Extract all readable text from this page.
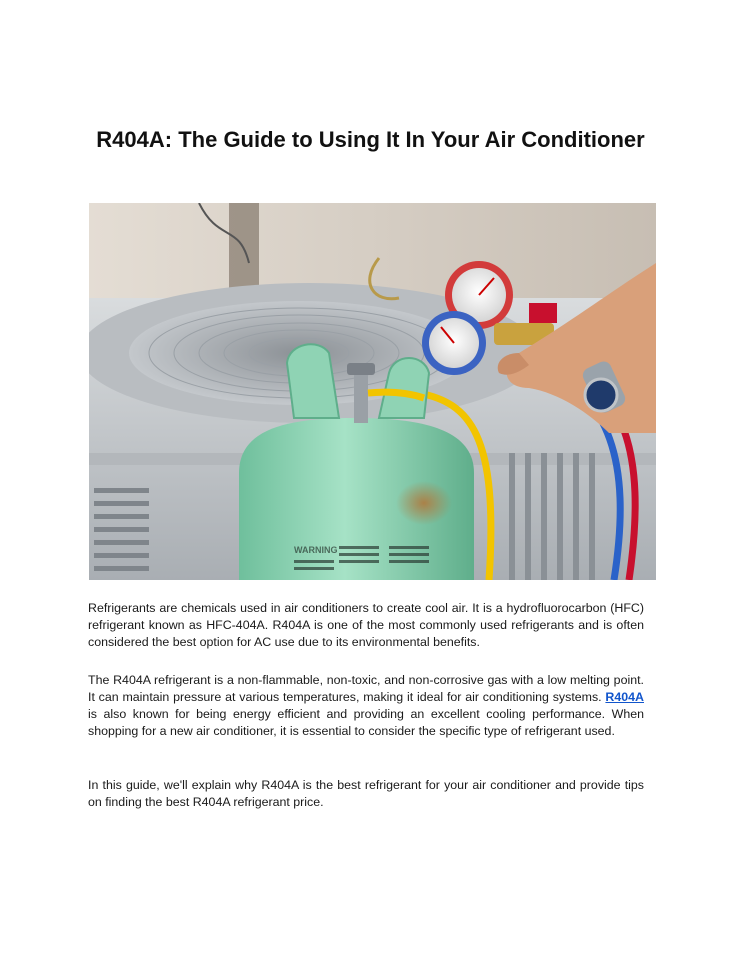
R404A: The Guide to Using It In Your Air Conditioner
WARNING

Refrigerants are chemicals used in air conditioners to create cool air. It is a hydrofluorocarbon (HFC) refrigerant known as HFC-404A. R404A is one of the most commonly used refrigerants and is often considered the best option for AC use due to its environmental benefits.

The R404A refrigerant is a non-flammable, non-toxic, and non-corrosive gas with a low melting point. It can maintain pressure at various temperatures, making it ideal for air conditioning systems. R404A is also known for being energy efficient and providing an excellent cooling performance. When shopping for a new air conditioner, it is essential to consider the specific type of refrigerant used.

In this guide, we'll explain why R404A is the best refrigerant for your air conditioner and provide tips on finding the best R404A refrigerant price.
